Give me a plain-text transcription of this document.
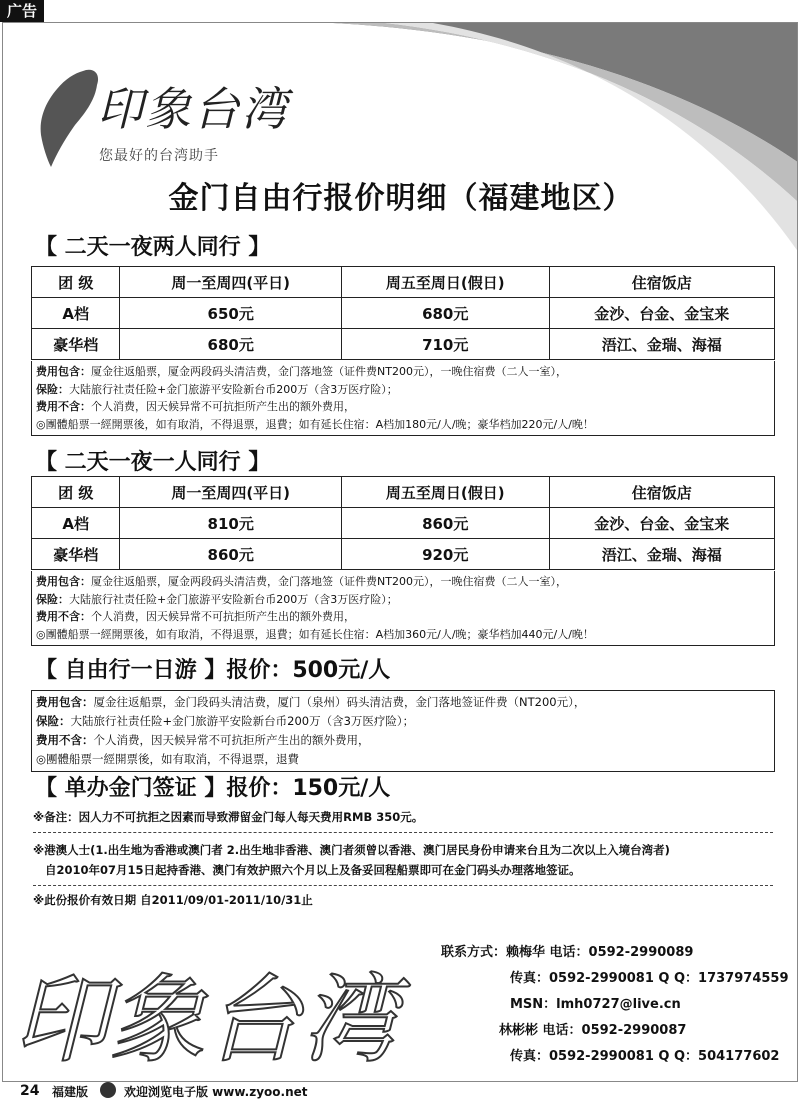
广告
印象台湾
您最好的台湾助手
金门自由行报价明细（福建地区）
【 二天一夜两人同行 】
团 级	周一至周四(平日)	周五至周日(假日)	住宿饭店
A档	650元	680元	金沙、台金、金宝来
豪华档	680元	710元	浯江、金瑞、海福
费用包含：厦金往返船票，厦金两段码头清洁费，金门落地签（证件费NT200元），一晚住宿费（二人一室），
保险：大陆旅行社责任险+金门旅游平安险新台币200万（含3万医疗险）；
费用不含：个人消费，因天候异常不可抗拒所产生出的额外费用，
◎團體船票一經開票後，如有取消，不得退票，退費；如有延长住宿：A档加180元/人/晚；豪华档加220元/人/晚！
【 二天一夜一人同行 】
团 级	周一至周四(平日)	周五至周日(假日)	住宿饭店
A档	810元	860元	金沙、台金、金宝来
豪华档	860元	920元	浯江、金瑞、海福
费用包含：厦金往返船票，厦金两段码头清洁费，金门落地签（证件费NT200元），一晚住宿费（二人一室），
保险：大陆旅行社责任险+金门旅游平安险新台币200万（含3万医疗险）；
费用不含：个人消费，因天候异常不可抗拒所产生出的额外费用，
◎團體船票一經開票後，如有取消，不得退票，退費；如有延长住宿：A档加360元/人/晚；豪华档加440元/人/晚！
【 自由行一日游 】报价：500元/人
费用包含：厦金往返船票，金门段码头清洁费，厦门（泉州）码头清洁费，金门落地签证件费（NT200元），
保险：大陆旅行社责任险+金门旅游平安险新台币200万（含3万医疗险）；
费用不含：个人消费，因天候异常不可抗拒所产生出的额外费用，
◎團體船票一經開票後，如有取消，不得退票，退費
【 单办金门签证 】报价：150元/人
※备注：因人力不可抗拒之因素而导致滞留金门每人每天费用RMB 350元。
※港澳人士(1.出生地为香港或澳门者 2.出生地非香港、澳门者须曾以香港、澳门居民身份申请来台且为二次以上入境台湾者)
自2010年07月15日起持香港、澳门有效护照六个月以上及备妥回程船票即可在金门码头办理落地签证。
※此份报价有效日期 自2011/09/01-2011/10/31止
印象台湾
联系方式：赖梅华 电话：0592-2990089
传真：0592-2990081 Q Q：1737974559
MSN：lmh0727@live.cn
林彬彬 电话：0592-2990087
传真：0592-2990081 Q Q：504177602
24 福建版	欢迎浏览电子版 www.zyoo.net
